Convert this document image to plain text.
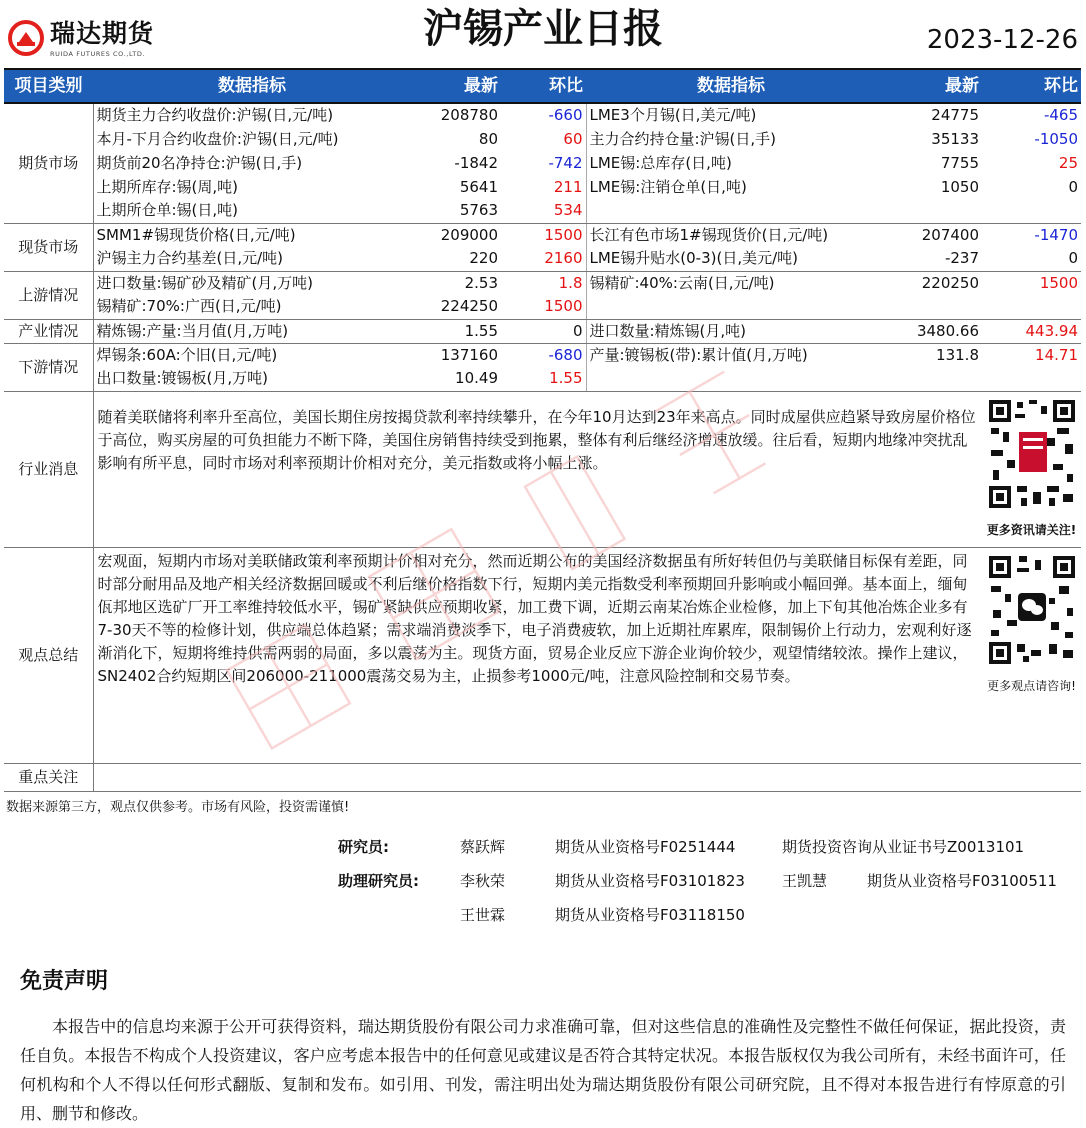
瑞达期货
RUIDA FUTURES CO.,LTD.
沪锡产业日报	2023-12-26
项目类别	数据指标	最新	环比	数据指标	最新	环比
期货市场	期货主力合约收盘价:沪锡(日,元/吨)	208780	-660	LME3个月锡(日,美元/吨)	24775	-465
	本月-下月合约收盘价:沪锡(日,元/吨)	80	60	主力合约持仓量:沪锡(日,手)	35133	-1050
	期货前20名净持仓:沪锡(日,手)	-1842	-742	LME锡:总库存(日,吨)	7755	25
	上期所库存:锡(周,吨)	5641	211	LME锡:注销仓单(日,吨)	1050	0
	上期所仓单:锡(日,吨)	5763	534			
现货市场	SMM1#锡现货价格(日,元/吨)	209000	1500	长江有色市场1#锡现货价(日,元/吨)	207400	-1470
	沪锡主力合约基差(日,元/吨)	220	2160	LME锡升贴水(0-3)(日,美元/吨)	-237	0
上游情况	进口数量:锡矿砂及精矿(月,万吨)	2.53	1.8	锡精矿:40%:云南(日,元/吨)	220250	1500
	锡精矿:70%:广西(日,元/吨)	224250	1500			
产业情况	精炼锡:产量:当月值(月,万吨)	1.55	0	进口数量:精炼锡(月,吨)	3480.66	443.94
下游情况	焊锡条:60A:个旧(日,元/吨)	137160	-680	产量:镀锡板(带):累计值(月,万吨)	131.8	14.71
	出口数量:镀锡板(月,万吨)	10.49	1.55			
行业消息	随着美联储将利率升至高位，美国长期住房按揭贷款利率持续攀升，在今年10月达到23年来高点。同时成屋供应趋紧导致房屋价格位于高位，购买房屋的可负担能力不断下降，美国住房销售持续受到拖累，整体有利后继经济增速放缓。往后看，短期内地缘冲突扰乱影响有所平息，同时市场对利率预期计价相对充分，美元指数或将小幅上涨。					更多资讯请关注!

观点总结	宏观面，短期内市场对美联储政策利率预期计价相对充分，然而近期公布的美国经济数据虽有所好转但仍与美联储目标保有差距，同时部分耐用品及地产相关经济数据回暖或不利后继价格指数下行，短期内美元指数受利率预期回升影响或小幅回弹。基本面上，缅甸佤邦地区选矿厂开工率维持较低水平，锡矿紧缺供应预期收紧，加工费下调，近期云南某冶炼企业检修，加上下旬其他冶炼企业多有7-30天不等的检修计划，供应端总体趋紧；需求端消费淡季下，电子消费疲软，加上近期社库累库，限制锡价上行动力，宏观利好逐渐消化下，短期将维持供需两弱的局面，多以震荡为主。现货方面，贸易企业反应下游企业询价较少，观望情绪较浓。操作上建议，SN2402合约短期区间206000-211000震荡交易为主，止损参考1000元/吨，注意风险控制和交易节奏。					更多观点请咨询!

重点关注						
数据来源第三方，观点仅供参考。市场有风险，投资需谨慎!
研究员:	蔡跃辉	期货从业资格号F0251444	期货投资咨询从业证书号Z0013101
助理研究员:	李秋荣	期货从业资格号F03101823 王凯慧	期货从业资格号F03100511
王世霖	期货从业资格号F03118150
免责声明
本报告中的信息均来源于公开可获得资料，瑞达期货股份有限公司力求准确可靠，但对这些信息的准确性及完整性不做任何保证，据此投资，责任自负。本报告不构成个人投资建议，客户应考虑本报告中的任何意见或建议是否符合其特定状况。本报告版权仅为我公司所有，未经书面许可，任何机构和个人不得以任何形式翻版、复制和发布。如引用、刊发，需注明出处为瑞达期货股份有限公司研究院，且不得对本报告进行有悖原意的引用、删节和修改。
